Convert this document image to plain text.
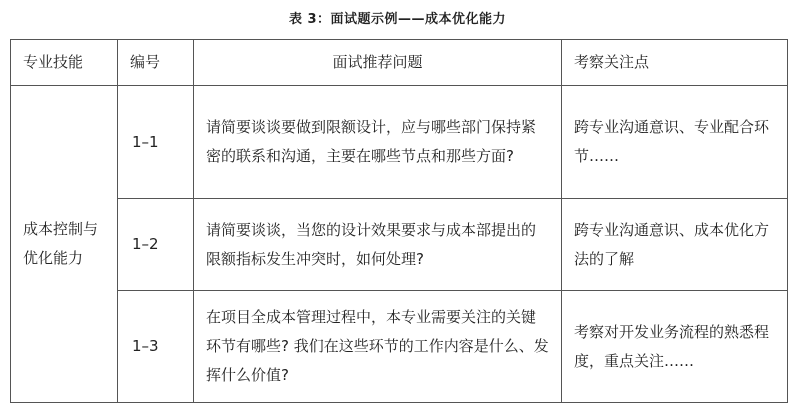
表 3：面试题示例——成本优化能力
专业技能	编号	面试推荐问题	考察关注点
成本控制与优化能力	1–1	请简要谈谈要做到限额设计，应与哪些部门保持紧密的联系和沟通，主要在哪些节点和那些方面?	跨专业沟通意识、专业配合环节……
	1–2	请简要谈谈，当您的设计效果要求与成本部提出的限额指标发生冲突时，如何处理?	跨专业沟通意识、成本优化方法的了解
	1–3	在项目全成本管理过程中，本专业需要关注的关键环节有哪些? 我们在这些环节的工作内容是什么、发挥什么价值?	考察对开发业务流程的熟悉程度，重点关注……
